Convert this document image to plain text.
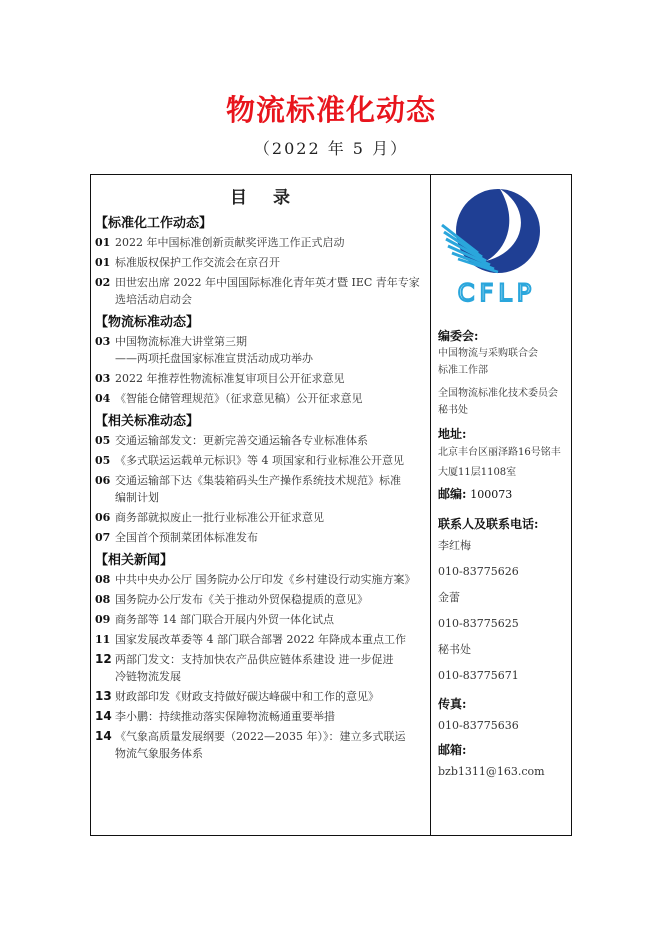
物流标准化动态
（2022 年 5 月）
目 录
【标准化工作动态】
01 2022 年中国标准创新贡献奖评选工作正式启动
01 标准版权保护工作交流会在京召开
02 田世宏出席 2022 年中国国际标准化青年英才暨 IEC 青年专家
选培活动启动会
【物流标准动态】
03 中国物流标准大讲堂第三期
——两项托盘国家标准宣贯活动成功举办
03 2022 年推荐性物流标准复审项目公开征求意见
04 《智能仓储管理规范》（征求意见稿）公开征求意见
【相关标准动态】
05 交通运输部发文：更新完善交通运输各专业标准体系
05 《多式联运运载单元标识》等 4 项国家和行业标准公开意见
06 交通运输部下达《集装箱码头生产操作系统技术规范》标准
编制计划
06 商务部就拟废止一批行业标准公开征求意见
07 全国首个预制菜团体标准发布
【相关新闻】
08 中共中央办公厅 国务院办公厅印发《乡村建设行动实施方案》
08 国务院办公厅发布《关于推动外贸保稳提质的意见》
09 商务部等 14 部门联合开展内外贸一体化试点
11 国家发展改革委等 4 部门联合部署 2022 年降成本重点工作
12 两部门发文：支持加快农产品供应链体系建设 进一步促进
冷链物流发展
13 财政部印发《财政支持做好碳达峰碳中和工作的意见》
14 李小鹏：持续推动落实保障物流畅通重要举措
14 《气象高质量发展纲要（2022—2035 年）》：建立多式联运
物流气象服务体系
CFLP
编委会:
中国物流与采购联合会
标准工作部
全国物流标准化技术委员会
秘书处
地址:
北京丰台区丽泽路16号铭丰
大厦11层1108室
邮编: 100073
联系人及联系电话:
李红梅
010-83775626
金蕾
010-83775625
秘书处
010-83775671
传真:
010-83775636
邮箱:
bzb1311@163.com
